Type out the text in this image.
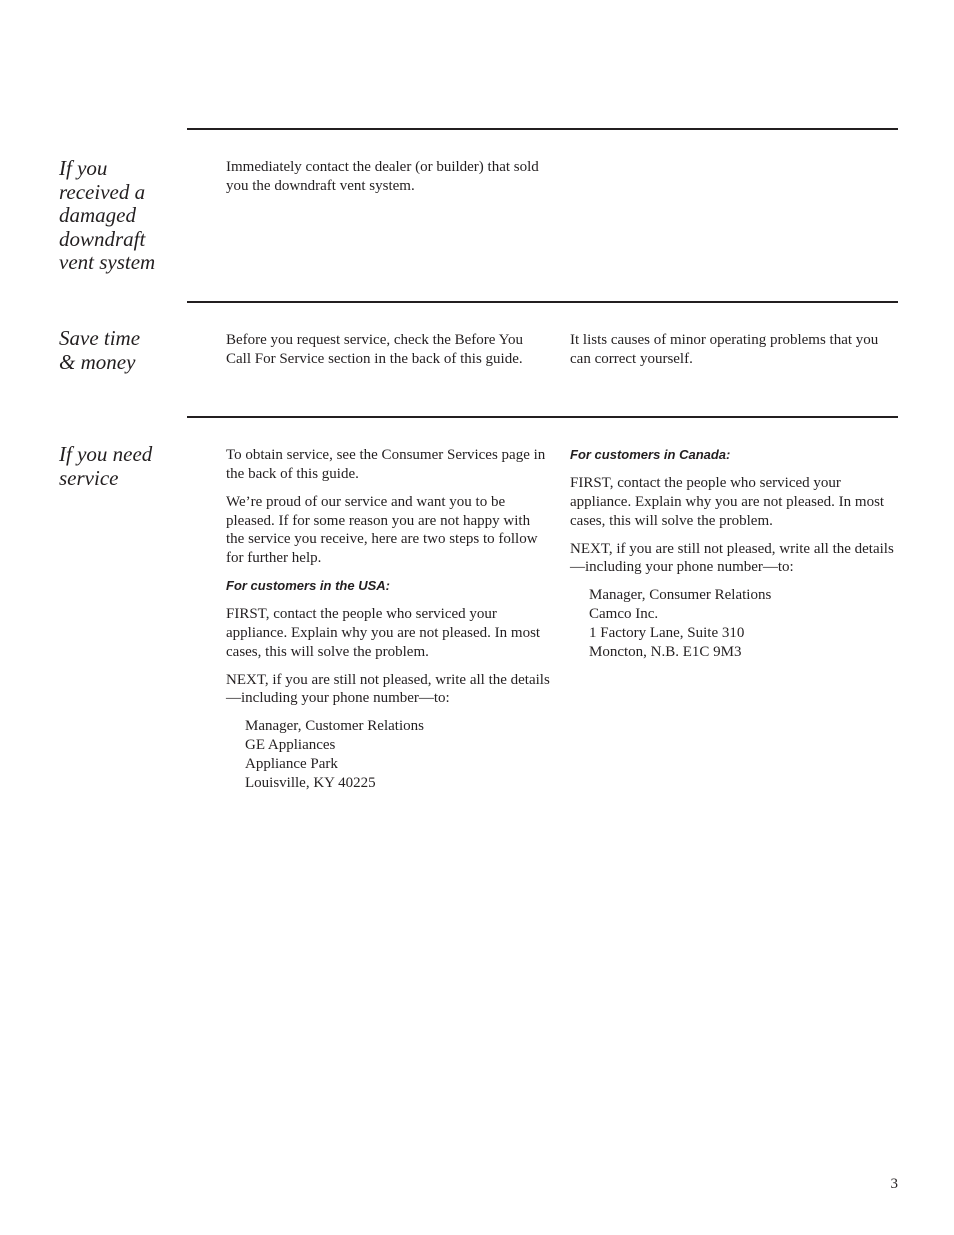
If you
received a
damaged
downdraft
vent system

Immediately contact the dealer (or builder) that sold you the downdraft vent system.

Save time
& money

Before you request service, check the Before You Call For Service section in the back of this guide.

It lists causes of minor operating problems that you can correct yourself.

If you need
service

To obtain service, see the Consumer Services page in the back of this guide.

We’re proud of our service and want you to be pleased. If for some reason you are not happy with the service you receive, here are two steps to follow for further help.

For customers in the USA:

FIRST, contact the people who serviced your appliance. Explain why you are not pleased. In most cases, this will solve the problem.

NEXT, if you are still not pleased, write all the details—including your phone number—to:

Manager, Customer Relations
GE Appliances
Appliance Park
Louisville, KY 40225

For customers in Canada:

FIRST, contact the people who serviced your appliance. Explain why you are not pleased. In most cases, this will solve the problem.

NEXT, if you are still not pleased, write all the details—including your phone number—to:

Manager, Consumer Relations
Camco Inc.
1 Factory Lane, Suite 310
Moncton, N.B. E1C 9M3
3
